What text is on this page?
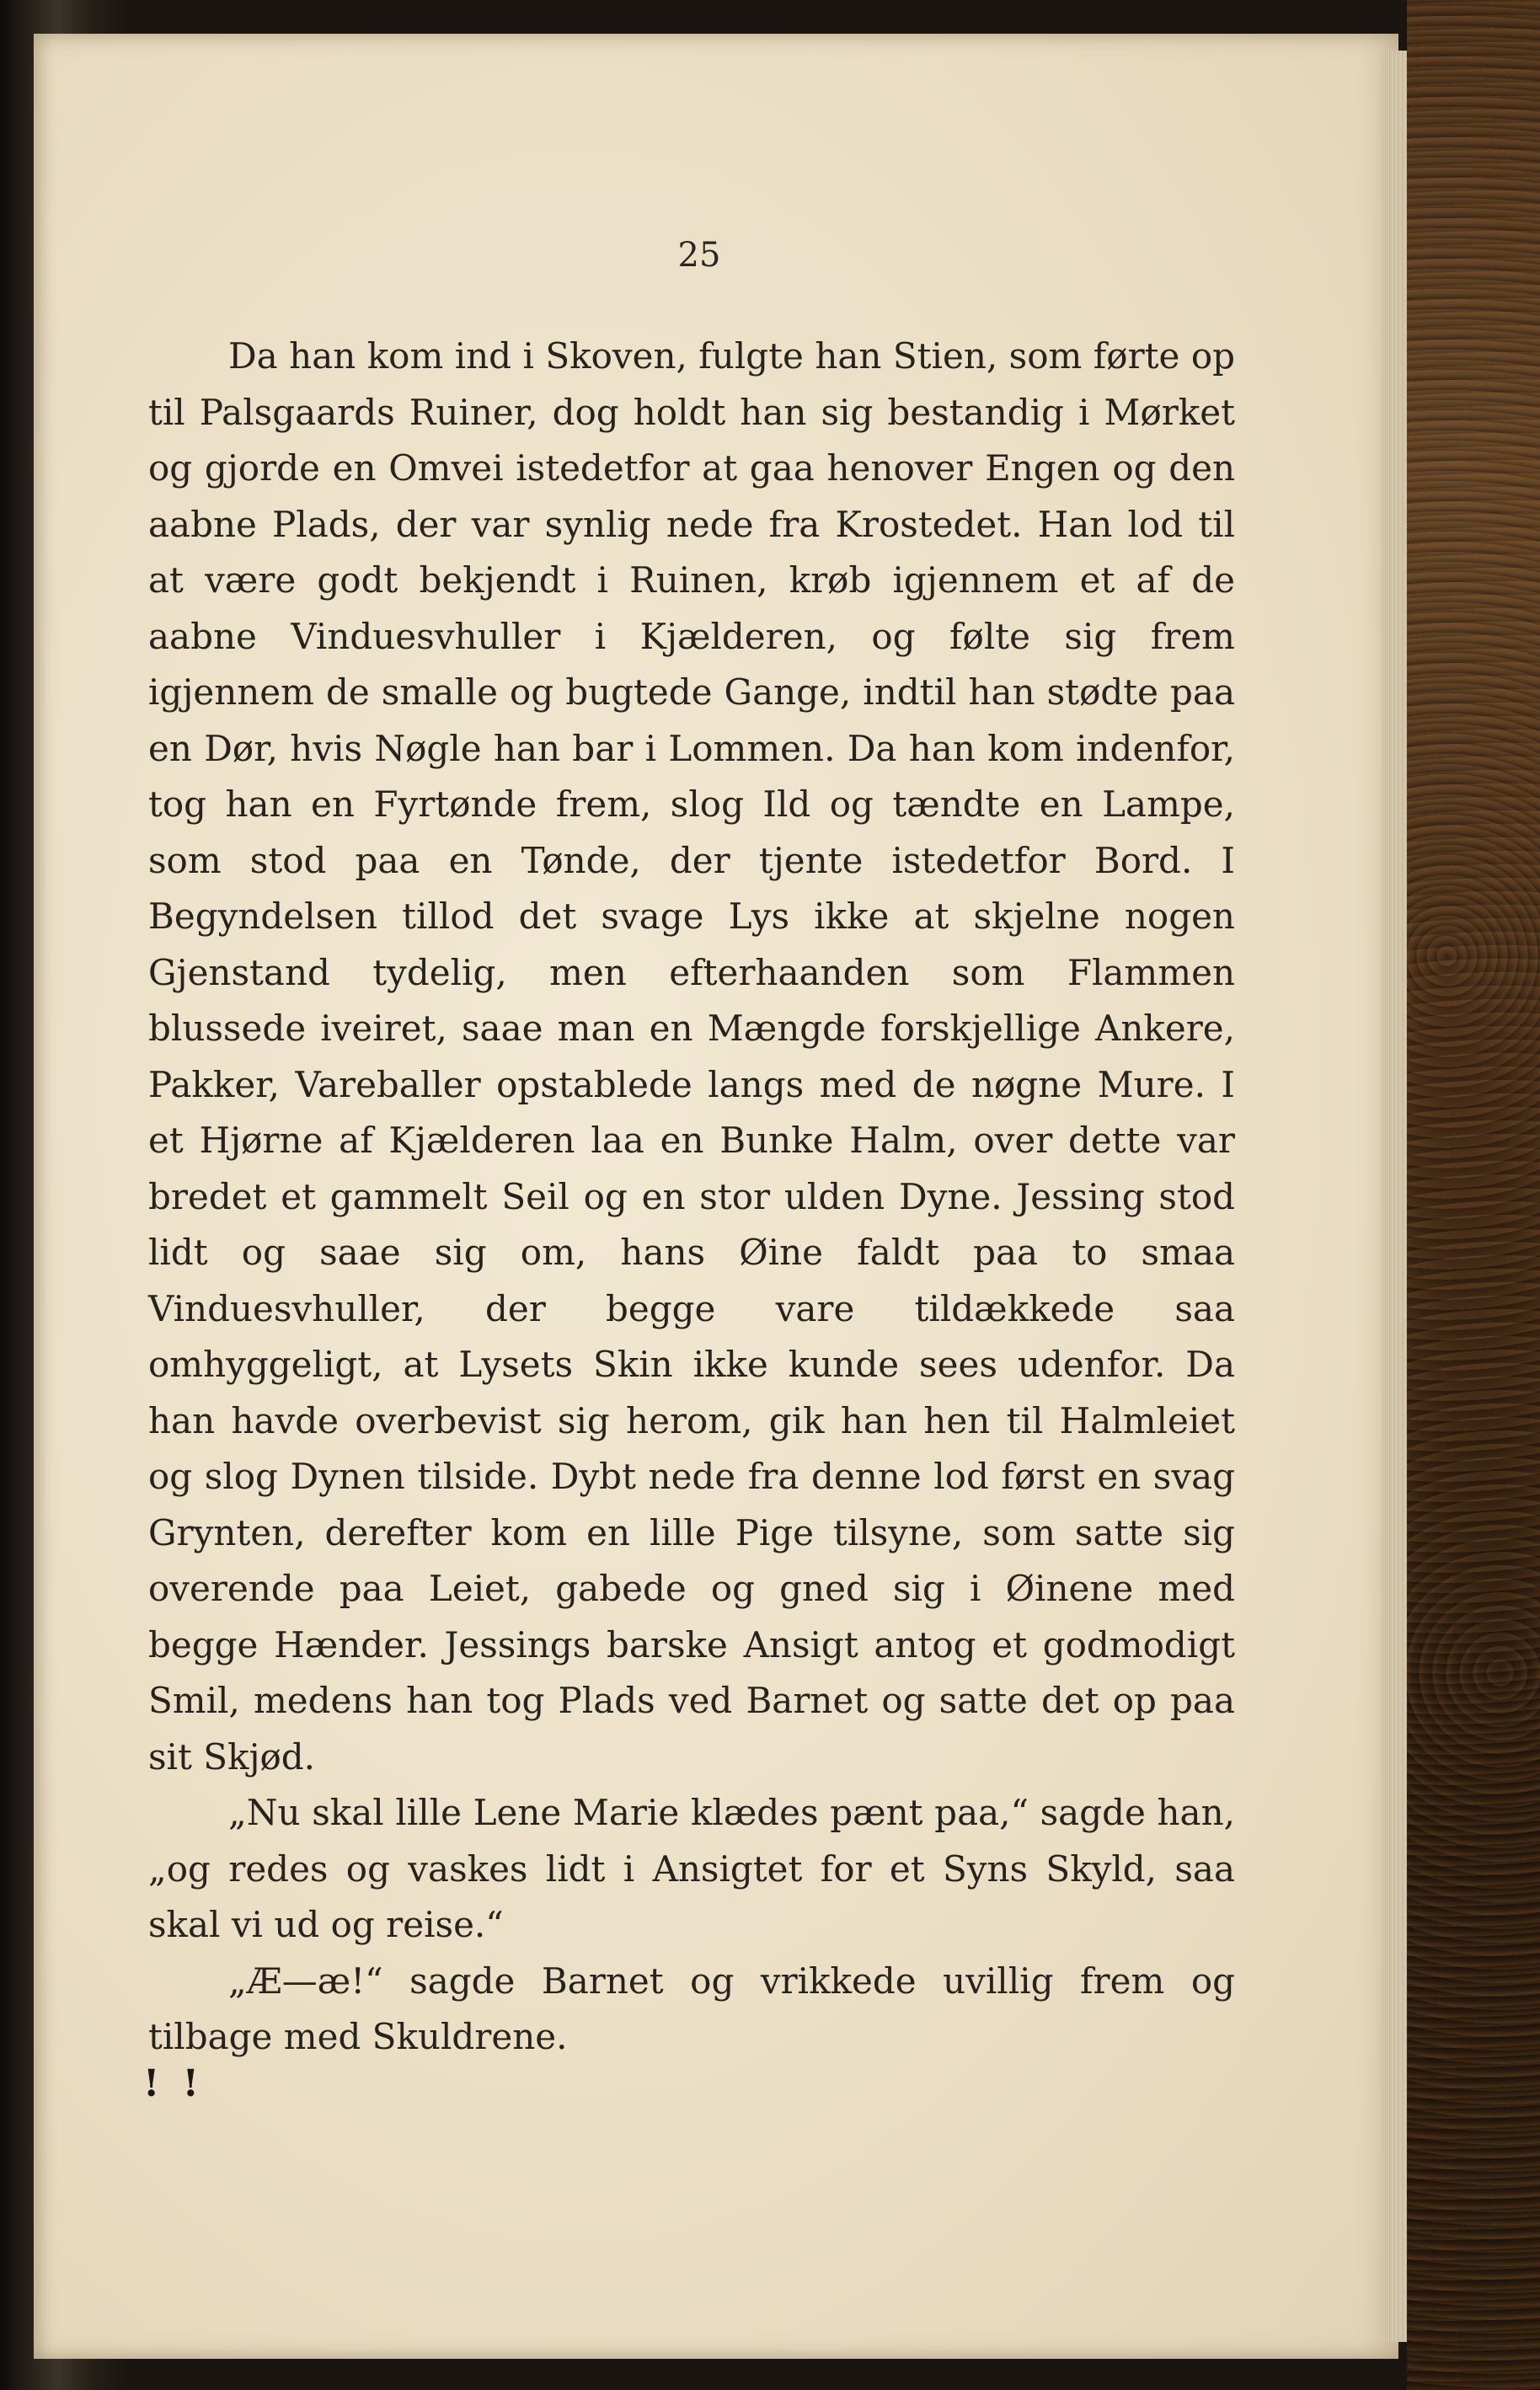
25

Da han kom ind i Skoven, fulgte han Stien, som førte op til Palsgaards Ruiner, dog holdt han sig bestandig i Mørket og gjorde en Omvei istedetfor at gaa henover Engen og den aabne Plads, der var synlig nede fra Krostedet. Han lod til at være godt bekjendt i Ruinen, krøb igjennem et af de aabne Vinduesvhuller i Kjælderen, og følte sig frem igjennem de smalle og bugtede Gange, indtil han stødte paa en Dør, hvis Nøgle han bar i Lommen. Da han kom indenfor, tog han en Fyrtønde frem, slog Ild og tændte en Lampe, som stod paa en Tønde, der tjente istedetfor Bord. I Begyndelsen tillod det svage Lys ikke at skjelne nogen Gjenstand tydelig, men efterhaanden som Flammen blussede iveiret, saae man en Mængde forskjellige Ankere, Pakker, Vareballer opstablede langs med de nøgne Mure. I et Hjørne af Kjælderen laa en Bunke Halm, over dette var bredet et gammelt Seil og en stor ulden Dyne. Jessing stod lidt og saae sig om, hans Øine faldt paa to smaa Vinduesvhuller, der begge vare tildækkede saa omhyggeligt, at Lysets Skin ikke kunde sees udenfor. Da han havde overbevist sig herom, gik han hen til Halmleiet og slog Dynen tilside. Dybt nede fra denne lod først en svag Grynten, derefter kom en lille Pige tilsyne, som satte sig overende paa Leiet, gabede og gned sig i Øinene med begge Hænder. Jessings barske Ansigt antog et godmodigt Smil, medens han tog Plads ved Barnet og satte det op paa sit Skjød.

„Nu skal lille Lene Marie klædes pænt paa,“ sagde han, „og redes og vaskes lidt i Ansigtet for et Syns Skyld, saa skal vi ud og reise.“

„Æ—æ!“ sagde Barnet og vrikkede uvillig frem og tilbage med Skuldrene.

! !
